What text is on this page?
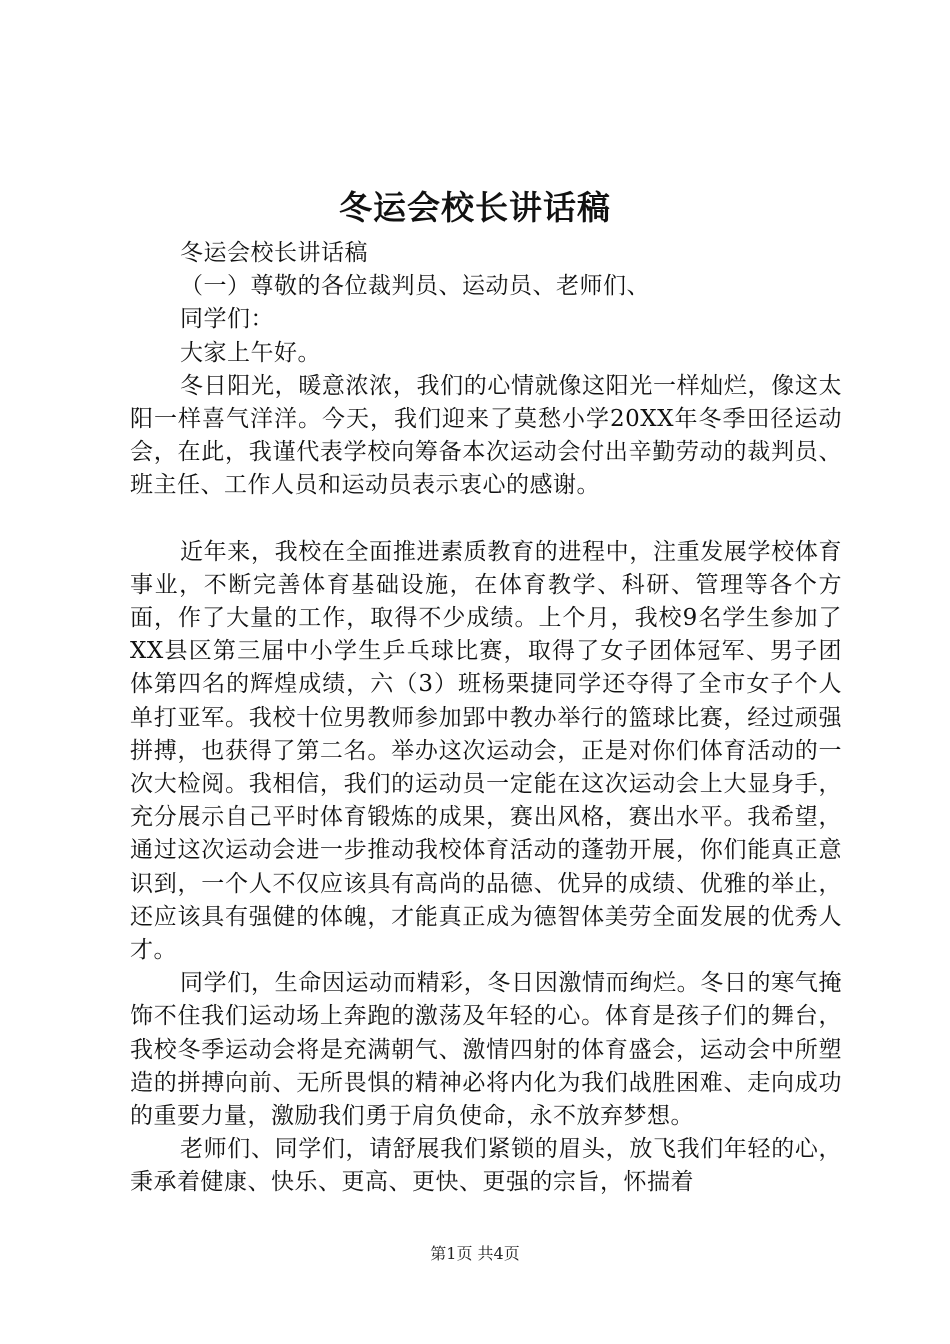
冬运会校长讲话稿

冬运会校长讲话稿

（一）尊敬的各位裁判员、运动员、老师们、

同学们：

大家上午好。

冬日阳光，暖意浓浓，我们的心情就像这阳光一样灿烂，像这太阳一样喜气洋洋。今天，我们迎来了莫愁小学20XX年冬季田径运动会，在此，我谨代表学校向筹备本次运动会付出辛勤劳动的裁判员、班主任、工作人员和运动员表示衷心的感谢。

近年来，我校在全面推进素质教育的进程中，注重发展学校体育事业，不断完善体育基础设施，在体育教学、科研、管理等各个方面，作了大量的工作，取得不少成绩。上个月，我校9名学生参加了XX县区第三届中小学生乒乓球比赛，取得了女子团体冠军、男子团体第四名的辉煌成绩，六（3）班杨栗捷同学还夺得了全市女子个人单打亚军。我校十位男教师参加郢中教办举行的篮球比赛，经过顽强拼搏，也获得了第二名。举办这次运动会，正是对你们体育活动的一次大检阅。我相信，我们的运动员一定能在这次运动会上大显身手，充分展示自己平时体育锻炼的成果，赛出风格，赛出水平。我希望，通过这次运动会进一步推动我校体育活动的蓬勃开展，你们能真正意识到，一个人不仅应该具有高尚的品德、优异的成绩、优雅的举止，还应该具有强健的体魄，才能真正成为德智体美劳全面发展的优秀人才。

同学们，生命因运动而精彩，冬日因激情而绚烂。冬日的寒气掩饰不住我们运动场上奔跑的激荡及年轻的心。体育是孩子们的舞台，我校冬季运动会将是充满朝气、激情四射的体育盛会，运动会中所塑造的拼搏向前、无所畏惧的精神必将内化为我们战胜困难、走向成功的重要力量，激励我们勇于肩负使命，永不放弃梦想。

老师们、同学们，请舒展我们紧锁的眉头，放飞我们年轻的心，秉承着健康、快乐、更高、更快、更强的宗旨，怀揣着

第1页 共4页
